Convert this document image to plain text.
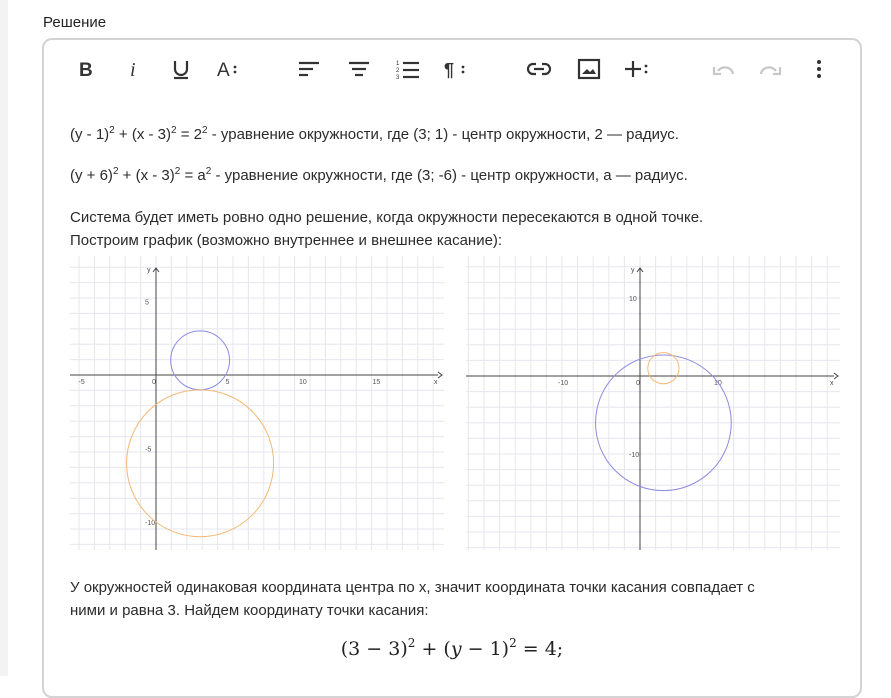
Решение
B i	A	1
2
3 ¶

$(y - 1)^2 + (x - 3)^2 = 2^2$ - уравнение окружности, где (3; 1) - центр окружности, 2 — радиус.

$(y + 6)^2 + (x - 3)^2 = a^2$ - уравнение окружности, где (3; -6) - центр окружности, а — радиус.

Система будет иметь ровно одно решение, когда окружности пересекаются в одной точке.

Построим график (возможно внутреннее и внешнее касание):

x
y
-5	0	5	10	15
5
-5
-10
x
y
-10	0	10
10
-10

У окружностей одинаковая координата центра по x, значит координата точки касания совпадает с

ними и равна 3. Найдем координату точки касания:

$(3 - 3)^2 + (y - 1)^2 = 4$;
